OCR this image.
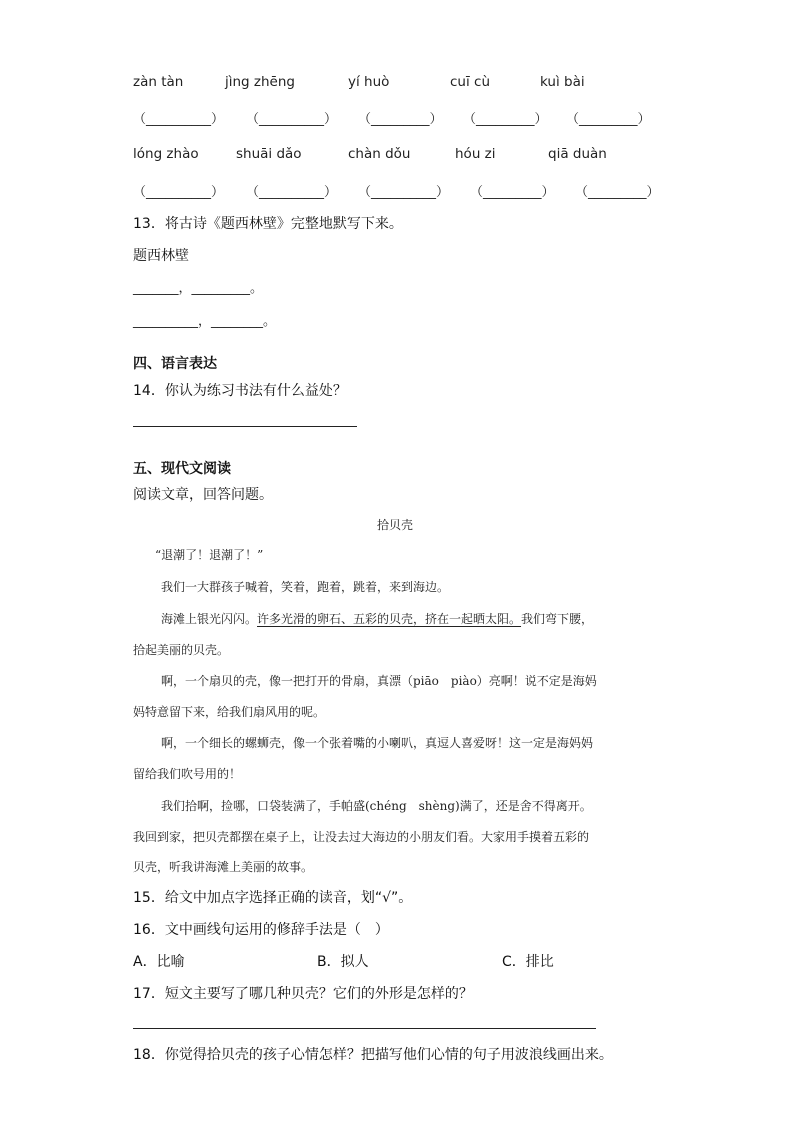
zàn tàn	jìng zhēng	yí huò	cuī cù	kuì bài
（__________） （__________） （_________） （_________） （_________）
lóng zhào	shuāi dǎo	chàn dǒu	hóu zi	qiā duàn
（__________） （__________） （__________） （_________） （_________）
13．将古诗《题西林壁》完整地默写下来。
题西林壁
_______，_________。
__________，________。
四、语言表达
14．你认为练习书法有什么益处？
五、现代文阅读
阅读文章，回答问题。
拾贝壳
“退潮了！退潮了！”
我们一大群孩子喊着，笑着，跑着，跳着，来到海边。
海滩上银光闪闪。许多光滑的卵石、五彩的贝壳，挤在一起晒太阳。我们弯下腰，
拾起美丽的贝壳。
啊，一个扇贝的壳，像一把打开的骨扇，真漂（piāo　piào）亮啊！说不定是海妈
妈特意留下来，给我们扇风用的呢。
啊，一个细长的螺蛳壳，像一个张着嘴的小喇叭，真逗人喜爱呀！这一定是海妈妈
留给我们吹号用的！
我们拾啊，捡哪，口袋装满了，手帕盛(chéng　shèng)满了，还是舍不得离开。
我回到家，把贝壳都摆在桌子上，让没去过大海边的小朋友们看。大家用手摸着五彩的
贝壳，听我讲海滩上美丽的故事。
15．给文中加点字选择正确的读音，划“√”。
16．文中画线句运用的修辞手法是（　）
A．比喻	B．拟人	C．排比
17．短文主要写了哪几种贝壳？它们的外形是怎样的？
18．你觉得拾贝壳的孩子心情怎样？把描写他们心情的句子用波浪线画出来。
